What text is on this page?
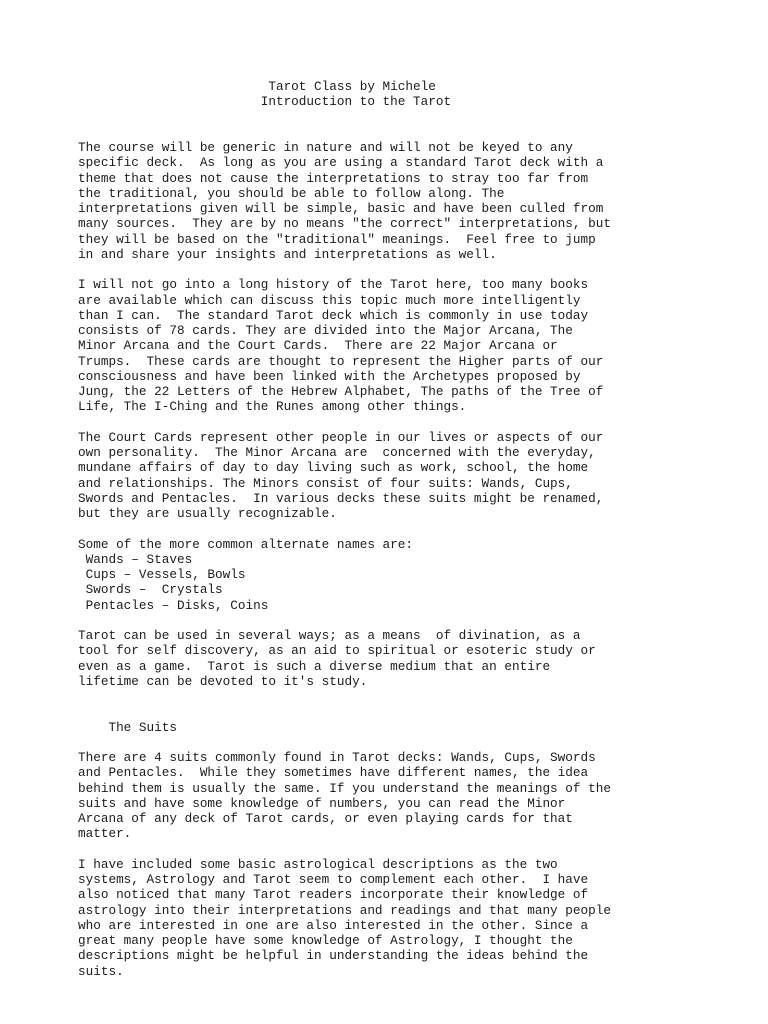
Tarot Class by Michele
Introduction to the Tarot
The course will be generic in nature and will not be keyed to any
specific deck.  As long as you are using a standard Tarot deck with a
theme that does not cause the interpretations to stray too far from
the traditional, you should be able to follow along. The
interpretations given will be simple, basic and have been culled from
many sources.  They are by no means "the correct" interpretations, but
they will be based on the "traditional" meanings.  Feel free to jump
in and share your insights and interpretations as well.
I will not go into a long history of the Tarot here, too many books
are available which can discuss this topic much more intelligently
than I can.  The standard Tarot deck which is commonly in use today
consists of 78 cards. They are divided into the Major Arcana, The
Minor Arcana and the Court Cards.  There are 22 Major Arcana or
Trumps.  These cards are thought to represent the Higher parts of our
consciousness and have been linked with the Archetypes proposed by
Jung, the 22 Letters of the Hebrew Alphabet, The paths of the Tree of
Life, The I-Ching and the Runes among other things.
The Court Cards represent other people in our lives or aspects of our
own personality.  The Minor Arcana are  concerned with the everyday,
mundane affairs of day to day living such as work, school, the home
and relationships. The Minors consist of four suits: Wands, Cups,
Swords and Pentacles.  In various decks these suits might be renamed,
but they are usually recognizable.
Some of the more common alternate names are:
Wands – Staves
Cups – Vessels, Bowls
Swords –  Crystals
Pentacles – Disks, Coins
Tarot can be used in several ways; as a means  of divination, as a
tool for self discovery, as an aid to spiritual or esoteric study or
even as a game.  Tarot is such a diverse medium that an entire
lifetime can be devoted to it's study.
The Suits
There are 4 suits commonly found in Tarot decks: Wands, Cups, Swords
and Pentacles.  While they sometimes have different names, the idea
behind them is usually the same. If you understand the meanings of the
suits and have some knowledge of numbers, you can read the Minor
Arcana of any deck of Tarot cards, or even playing cards for that
matter.
I have included some basic astrological descriptions as the two
systems, Astrology and Tarot seem to complement each other.  I have
also noticed that many Tarot readers incorporate their knowledge of
astrology into their interpretations and readings and that many people
who are interested in one are also interested in the other. Since a
great many people have some knowledge of Astrology, I thought the
descriptions might be helpful in understanding the ideas behind the
suits.
